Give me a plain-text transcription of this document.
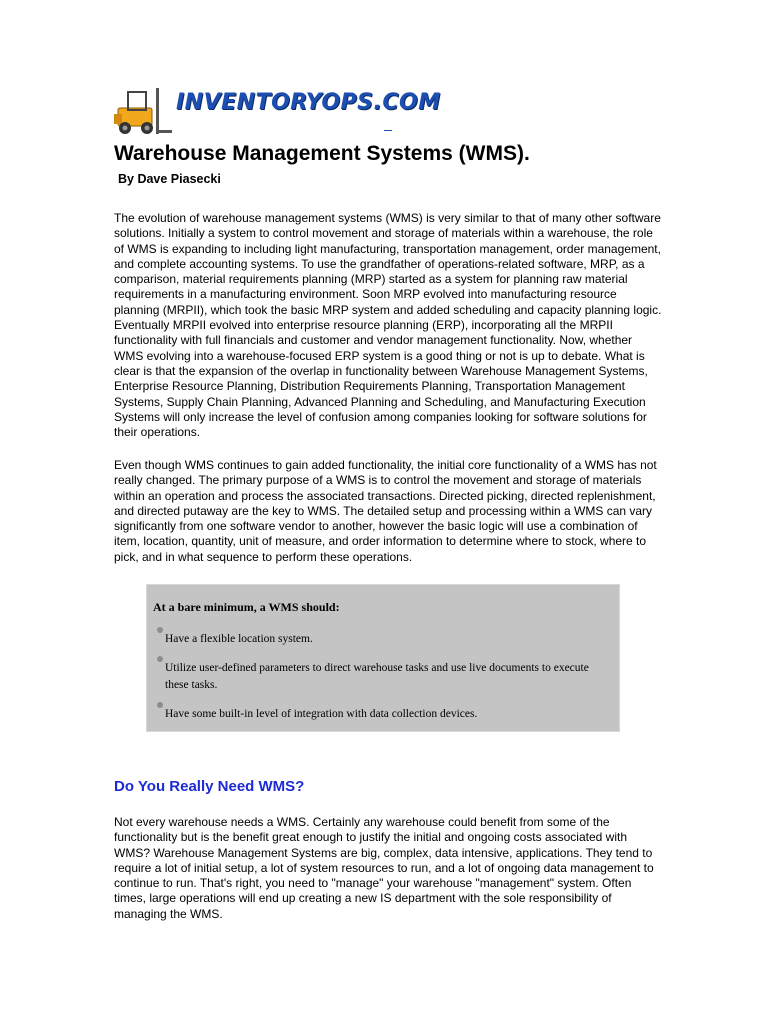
INVENTORYOPS.COM
Warehouse Management Systems (WMS).

By Dave Piasecki

The evolution of warehouse management systems (WMS) is very similar to that of many other software solutions. Initially a system to control movement and storage of materials within a warehouse, the role of WMS is expanding to including light manufacturing, transportation management, order management, and complete accounting systems. To use the grandfather of operations-related software, MRP, as a comparison, material requirements planning (MRP) started as a system for planning raw material requirements in a manufacturing environment. Soon MRP evolved into manufacturing resource planning (MRPII), which took the basic MRP system and added scheduling and capacity planning logic. Eventually MRPII evolved into enterprise resource planning (ERP), incorporating all the MRPII functionality with full financials and customer and vendor management functionality. Now, whether WMS evolving into a warehouse-focused ERP system is a good thing or not is up to debate. What is clear is that the expansion of the overlap in functionality between Warehouse Management Systems, Enterprise Resource Planning, Distribution Requirements Planning, Transportation Management Systems, Supply Chain Planning, Advanced Planning and Scheduling, and Manufacturing Execution Systems will only increase the level of confusion among companies looking for software solutions for their operations.

Even though WMS continues to gain added functionality, the initial core functionality of a WMS has not really changed. The primary purpose of a WMS is to control the movement and storage of materials within an operation and process the associated transactions. Directed picking, directed replenishment, and directed putaway are the key to WMS. The detailed setup and processing within a WMS can vary significantly from one software vendor to another, however the basic logic will use a combination of item, location, quantity, unit of measure, and order information to determine where to stock, where to pick, and in what sequence to perform these operations.

At a bare minimum, a WMS should:

Have a flexible location system.
Utilize user-defined parameters to direct warehouse tasks and use live documents to execute these tasks.
Have some built-in level of integration with data collection devices.
Do You Really Need WMS?

Not every warehouse needs a WMS. Certainly any warehouse could benefit from some of the functionality but is the benefit great enough to justify the initial and ongoing costs associated with WMS? Warehouse Management Systems are big, complex, data intensive, applications. They tend to require a lot of initial setup, a lot of system resources to run, and a lot of ongoing data management to continue to run. That's right, you need to "manage" your warehouse "management" system. Often times, large operations will end up creating a new IS department with the sole responsibility of managing the WMS.
